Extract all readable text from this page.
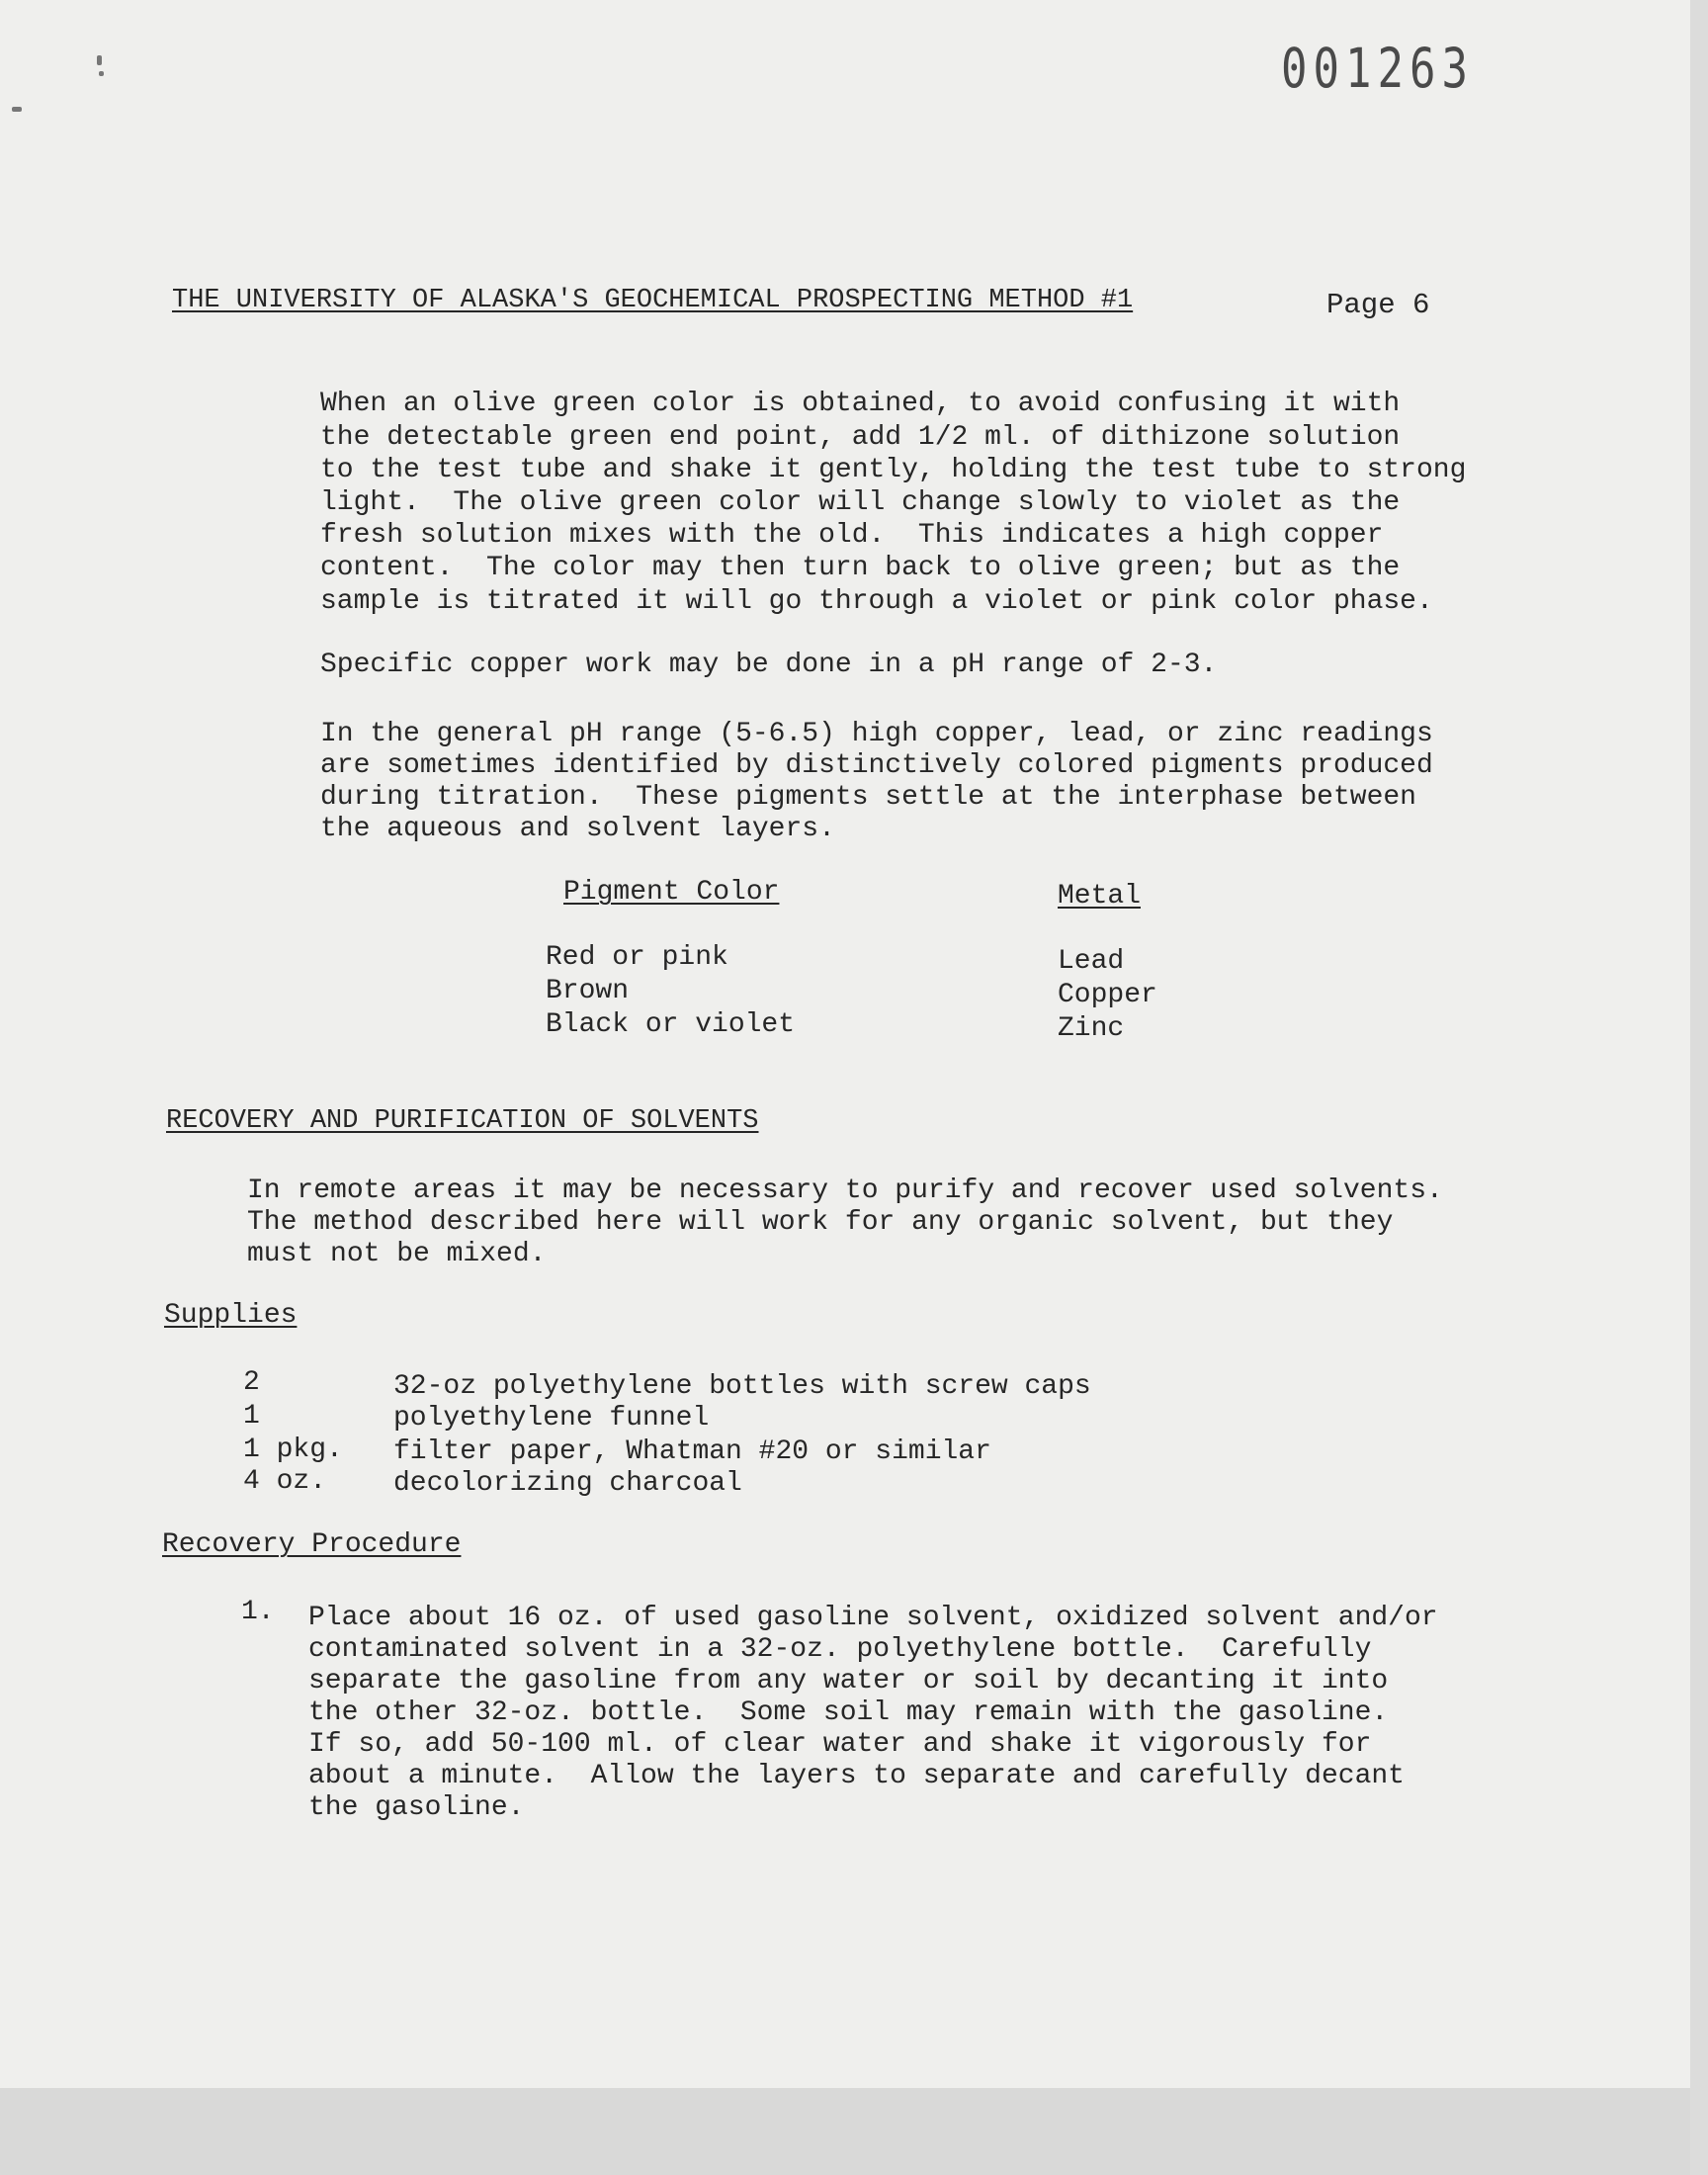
001263
THE UNIVERSITY OF ALASKA'S GEOCHEMICAL PROSPECTING METHOD #1	Page 6
When an olive green color is obtained, to avoid confusing it with
the detectable green end point, add 1/2 ml. of dithizone solution
to the test tube and shake it gently, holding the test tube to strong
light.  The olive green color will change slowly to violet as the
fresh solution mixes with the old.  This indicates a high copper
content.  The color may then turn back to olive green; but as the
sample is titrated it will go through a violet or pink color phase.
Specific copper work may be done in a pH range of 2-3.
In the general pH range (5-6.5) high copper, lead, or zinc readings
are sometimes identified by distinctively colored pigments produced
during titration.  These pigments settle at the interphase between
the aqueous and solvent layers.
Pigment Color	Metal
Red or pink	Lead
Brown	Copper
Black or violet	Zinc
RECOVERY AND PURIFICATION OF SOLVENTS
In remote areas it may be necessary to purify and recover used solvents.
The method described here will work for any organic solvent, but they
must not be mixed.
Supplies
2	32-oz polyethylene bottles with screw caps
1	polyethylene funnel
1 pkg. filter paper, Whatman #20 or similar
4 oz. decolorizing charcoal
Recovery Procedure
1. Place about 16 oz. of used gasoline solvent, oxidized solvent and/or
contaminated solvent in a 32-oz. polyethylene bottle.  Carefully
separate the gasoline from any water or soil by decanting it into
the other 32-oz. bottle.  Some soil may remain with the gasoline.
If so, add 50-100 ml. of clear water and shake it vigorously for
about a minute.  Allow the layers to separate and carefully decant
the gasoline.
